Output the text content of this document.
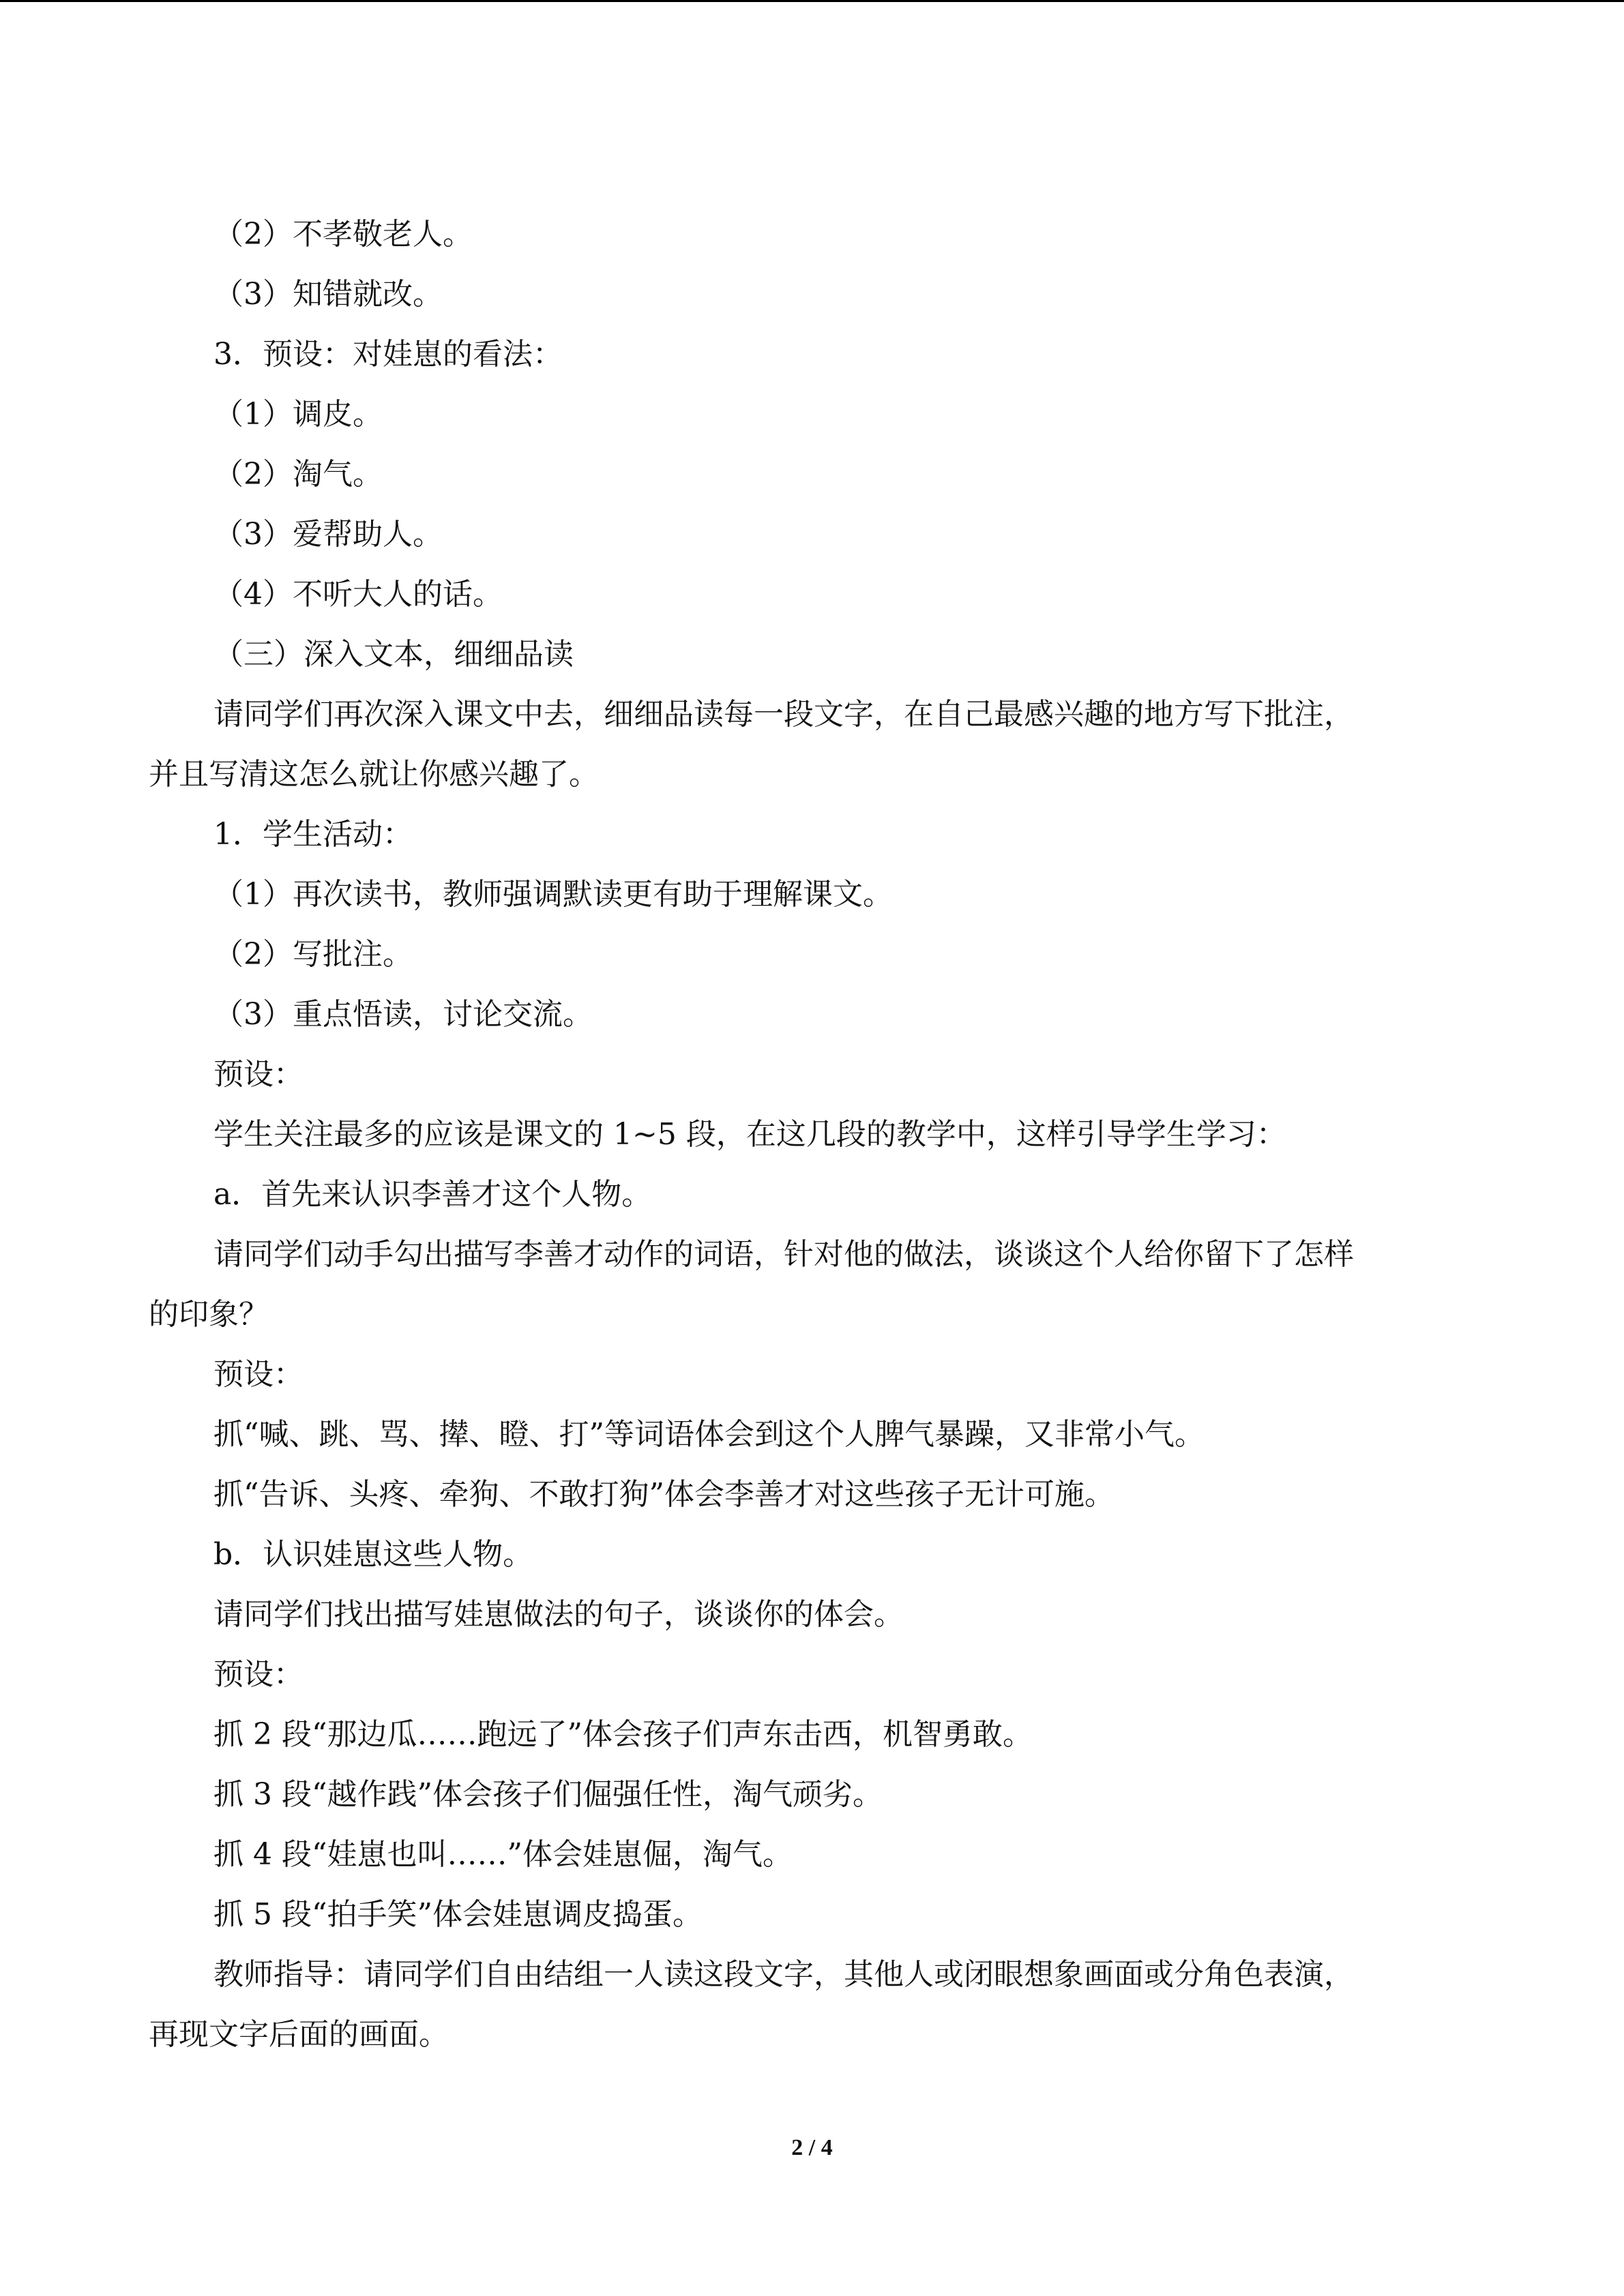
（2）不孝敬老人。
（3）知错就改。
3．预设：对娃崽的看法：
（1）调皮。
（2）淘气。
（3）爱帮助人。
（4）不听大人的话。
（三）深入文本，细细品读
请同学们再次深入课文中去，细细品读每一段文字，在自己最感兴趣的地方写下批注，
并且写清这怎么就让你感兴趣了。
1．学生活动：
（1）再次读书，教师强调默读更有助于理解课文。
（2）写批注。
（3）重点悟读，讨论交流。
预设：
学生关注最多的应该是课文的 1~5 段，在这几段的教学中，这样引导学生学习：
a．首先来认识李善才这个人物。
请同学们动手勾出描写李善才动作的词语，针对他的做法，谈谈这个人给你留下了怎样
的印象？
预设：
抓“喊、跳、骂、撵、瞪、打”等词语体会到这个人脾气暴躁，又非常小气。
抓“告诉、头疼、牵狗、不敢打狗”体会李善才对这些孩子无计可施。
b．认识娃崽这些人物。
请同学们找出描写娃崽做法的句子，谈谈你的体会。
预设：
抓 2 段“那边瓜……跑远了”体会孩子们声东击西，机智勇敢。
抓 3 段“越作践”体会孩子们倔强任性，淘气顽劣。
抓 4 段“娃崽也叫……”体会娃崽倔，淘气。
抓 5 段“拍手笑”体会娃崽调皮捣蛋。
教师指导：请同学们自由结组一人读这段文字，其他人或闭眼想象画面或分角色表演，
再现文字后面的画面。
2 / 4
